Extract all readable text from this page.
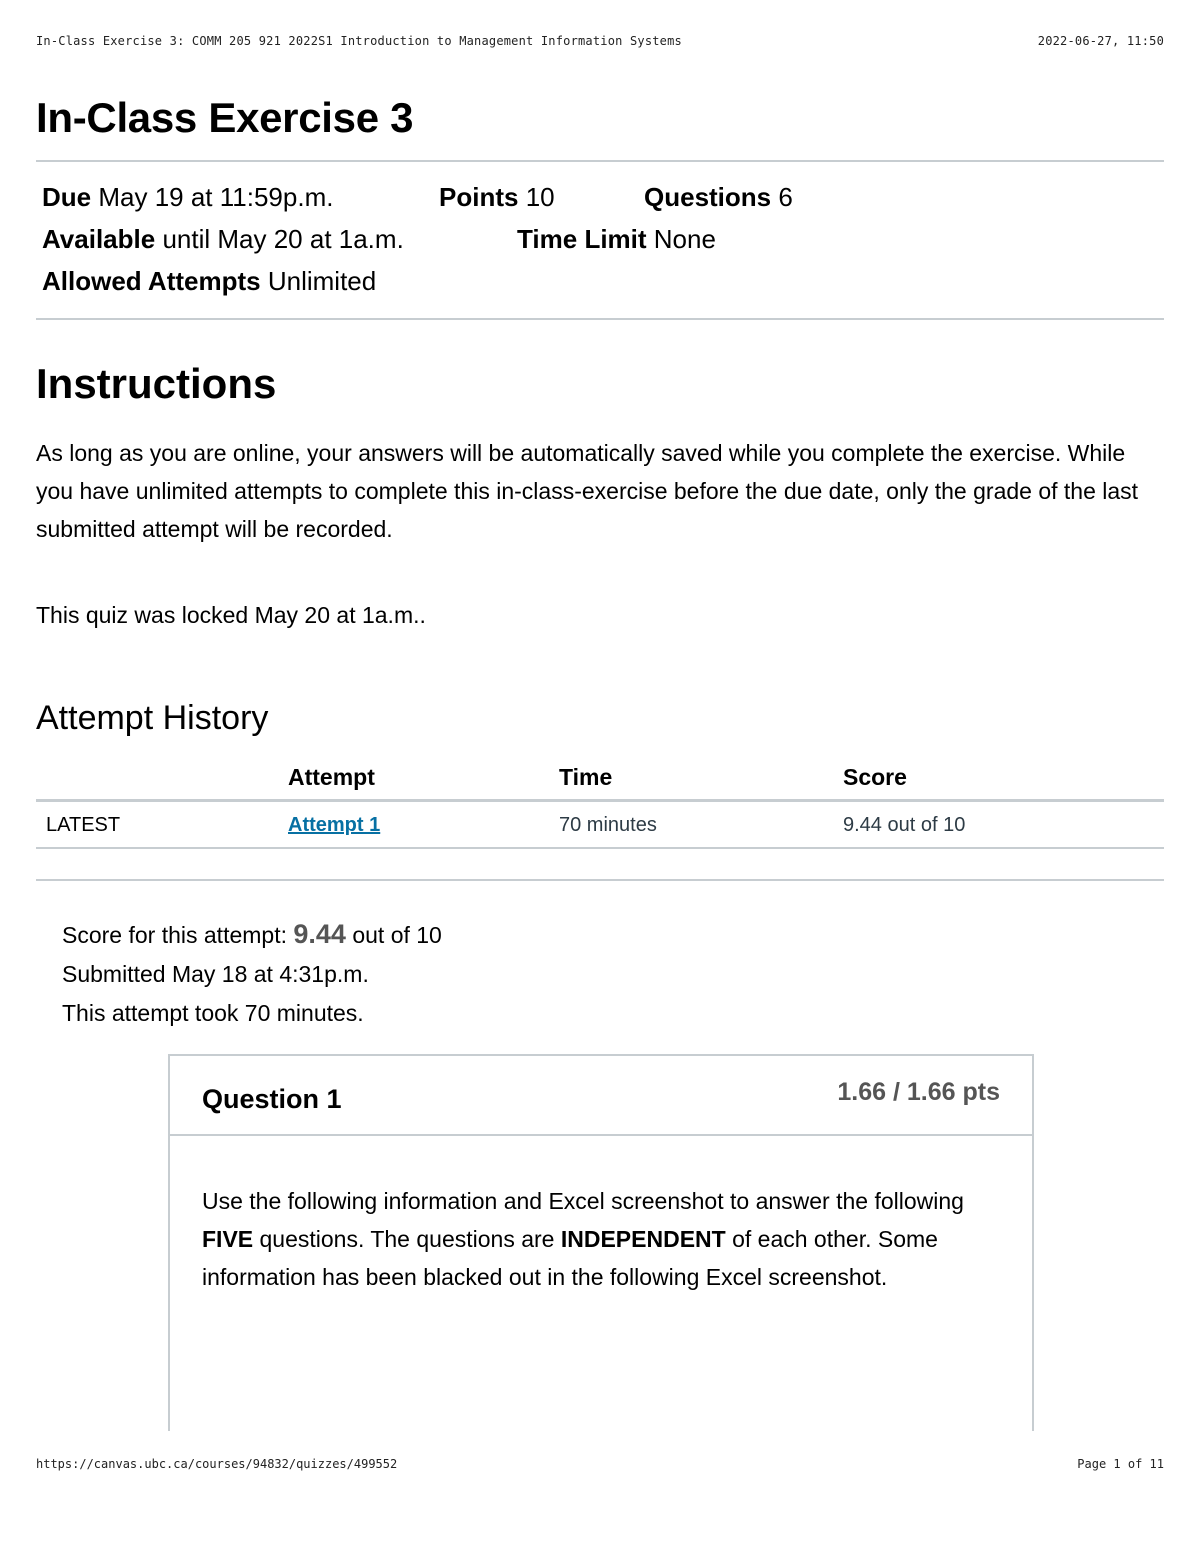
In-Class Exercise 3: COMM 205 921 2022S1 Introduction to Management Information Systems	2022-06-27, 11:50
In-Class Exercise 3
Due May 19 at 11:59p.m.	Points 10	Questions 6
Available until May 20 at 1a.m.	Time Limit None
Allowed Attempts Unlimited
Instructions
As long as you are online, your answers will be automatically saved while you complete the exercise. While you have unlimited attempts to complete this in-class-exercise before the due date, only the grade of the last submitted attempt will be recorded.
This quiz was locked May 20 at 1a.m..
Attempt History
	Attempt	Time	Score
LATEST	Attempt 1	70 minutes	9.44 out of 10
Score for this attempt: 9.44 out of 10
Submitted May 18 at 4:31p.m.
This attempt took 70 minutes.
Question 1	1.66 / 1.66 pts
Use the following information and Excel screenshot to answer the following FIVE questions. The questions are INDEPENDENT of each other. Some information has been blacked out in the following Excel screenshot.
https://canvas.ubc.ca/courses/94832/quizzes/499552	Page 1 of 11
